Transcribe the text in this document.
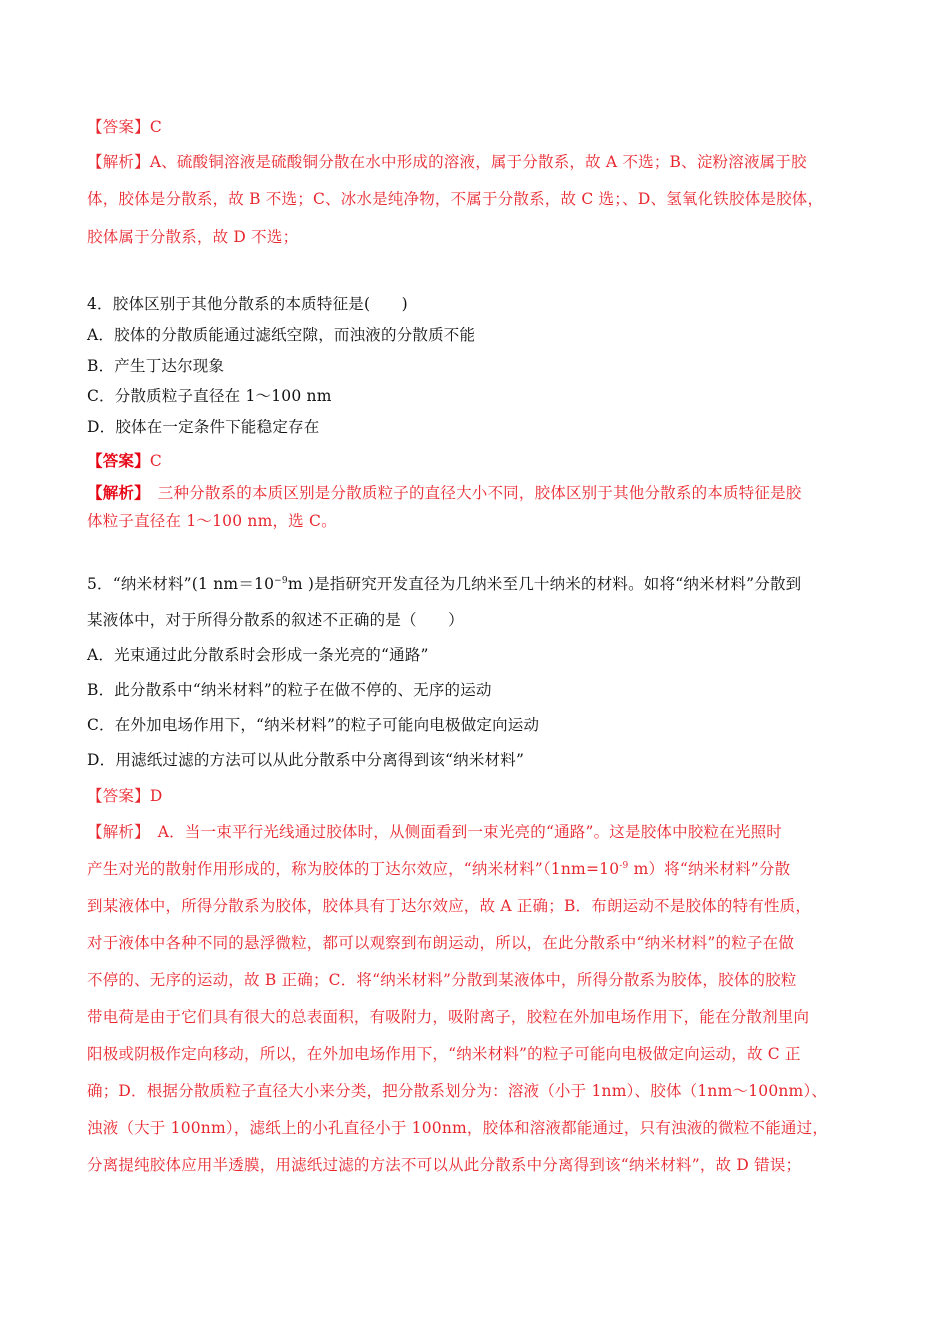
【答案】C
【解析】A、硫酸铜溶液是硫酸铜分散在水中形成的溶液，属于分散系，故 A 不选；B、淀粉溶液属于胶
体，胶体是分散系，故 B 不选；C、冰水是纯净物，不属于分散系，故 C 选；、D、氢氧化铁胶体是胶体，
胶体属于分散系，故 D 不选；
4．胶体区别于其他分散系的本质特征是(　　)
A．胶体的分散质能通过滤纸空隙，而浊液的分散质不能
B．产生丁达尔现象
C．分散质粒子直径在 1～100 nm
D．胶体在一定条件下能稳定存在
【答案】C
【解析】　三种分散系的本质区别是分散质粒子的直径大小不同，胶体区别于其他分散系的本质特征是胶
体粒子直径在 1～100 nm，选 C。
5．“纳米材料”(1 $nm=10^{-9}m$ )是指研究开发直径为几纳米至几十纳米的材料。如将“纳米材料”分散到
某液体中，对于所得分散系的叙述不正确的是（　　）
A．光束通过此分散系时会形成一条光亮的“通路”
B．此分散系中“纳米材料”的粒子在做不停的、无序的运动
C．在外加电场作用下，“纳米材料”的粒子可能向电极做定向运动
D．用滤纸过滤的方法可以从此分散系中分离得到该“纳米材料”
【答案】D
【解析】　A．当一束平行光线通过胶体时，从侧面看到一束光亮的“通路”。这是胶体中胶粒在光照时
产生对光的散射作用形成的，称为胶体的丁达尔效应，“纳米材料$”(1nm=10^{-9}$ m）将“纳米材料”分散
到某液体中，所得分散系为胶体，胶体具有丁达尔效应，故 A 正确；B．布朗运动不是胶体的特有性质，
对于液体中各种不同的悬浮微粒，都可以观察到布朗运动，所以，在此分散系中“纳米材料”的粒子在做
不停的、无序的运动，故 B 正确；C．将“纳米材料”分散到某液体中，所得分散系为胶体，胶体的胶粒
带电荷是由于它们具有很大的总表面积，有吸附力，吸附离子，胶粒在外加电场作用下，能在分散剂里向
阳极或阴极作定向移动，所以，在外加电场作用下，“纳米材料”的粒子可能向电极做定向运动，故 C 正
确；D．根据分散质粒子直径大小来分类，把分散系划分为：溶液（小于 1nm）、胶体（1nm～100nm）、
浊液（大于 100nm），滤纸上的小孔直径小于 100nm，胶体和溶液都能通过，只有浊液的微粒不能通过，
分离提纯胶体应用半透膜，用滤纸过滤的方法不可以从此分散系中分离得到该“纳米材料”，故 D 错误；
